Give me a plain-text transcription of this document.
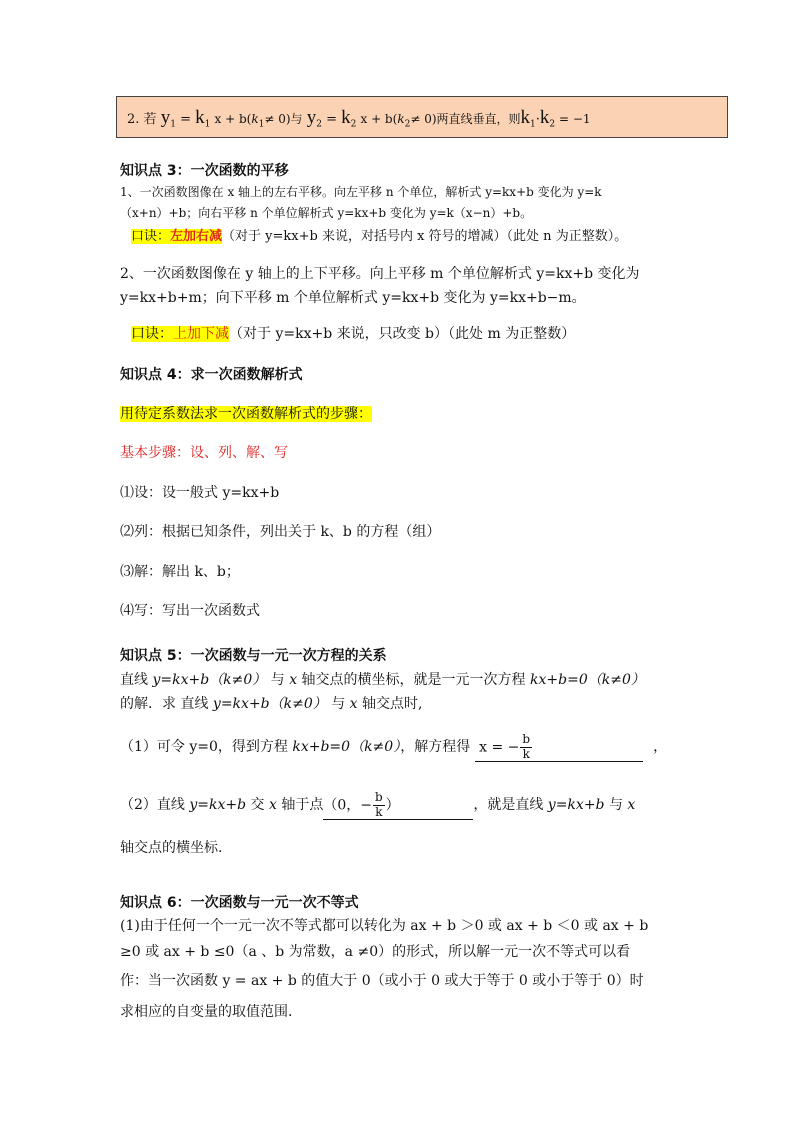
2. 若 $y_1 = k_1$ $x + b(k_1\ne 0)$与 $y_2 = k_2$ $x + b(k_2\ne 0)$两直线垂直，则$k_1\cdot k_2 = -1$
知识点 3：一次函数的平移
1、一次函数图像在 x 轴上的左右平移。向左平移 n 个单位，解析式 y=kx+b 变化为 y=k
（x+n）+b；向右平移 n 个单位解析式 y=kx+b 变化为 y=k（x−n）+b。
口诀：左加右减（对于 y=kx+b 来说，对括号内 x 符号的增减）（此处 n 为正整数）。
2、一次函数图像在 y 轴上的上下平移。向上平移 m 个单位解析式 y=kx+b 变化为
y=kx+b+m；向下平移 m 个单位解析式 y=kx+b 变化为 y=kx+b−m。
口诀：上加下减（对于 y=kx+b 来说，只改变 b）（此处 m 为正整数）
知识点 4：求一次函数解析式
用待定系数法求一次函数解析式的步骤：
基本步骤：设、列、解、写
⑴设：设一般式 y=kx+b
⑵列：根据已知条件，列出关于 k、b 的方程（组）
⑶解：解出 k、b；
⑷写：写出一次函数式
知识点 5：一次函数与一元一次方程的关系
直线 y=kx+b（k≠0） 与 x 轴交点的横坐标，就是一元一次方程 kx+b=0（k≠0）
的解．求 直线 y=kx+b（k≠0） 与 x 轴交点时,
（1）可令 y=0，得到方程 kx+b=0（k≠0），解方程得  x = − $\frac{b}{k}$	，
（2）直线 y=kx+b 交 x 轴于点（0，− $\frac{b}{k}$ ）	，就是直线 y=kx+b 与 x
轴交点的横坐标.
知识点 6：一次函数与一元一次不等式
(1)由于任何一个一元一次不等式都可以转化为 ax + b ＞0 或 ax + b ＜0 或 ax + b
≥0 或 ax + b ≤0（a 、b 为常数，a ≠0）的形式，所以解一元一次不等式可以看
作：当一次函数 y = ax + b 的值大于 0（或小于 0 或大于等于 0 或小于等于 0）时
求相应的自变量的取值范围.
